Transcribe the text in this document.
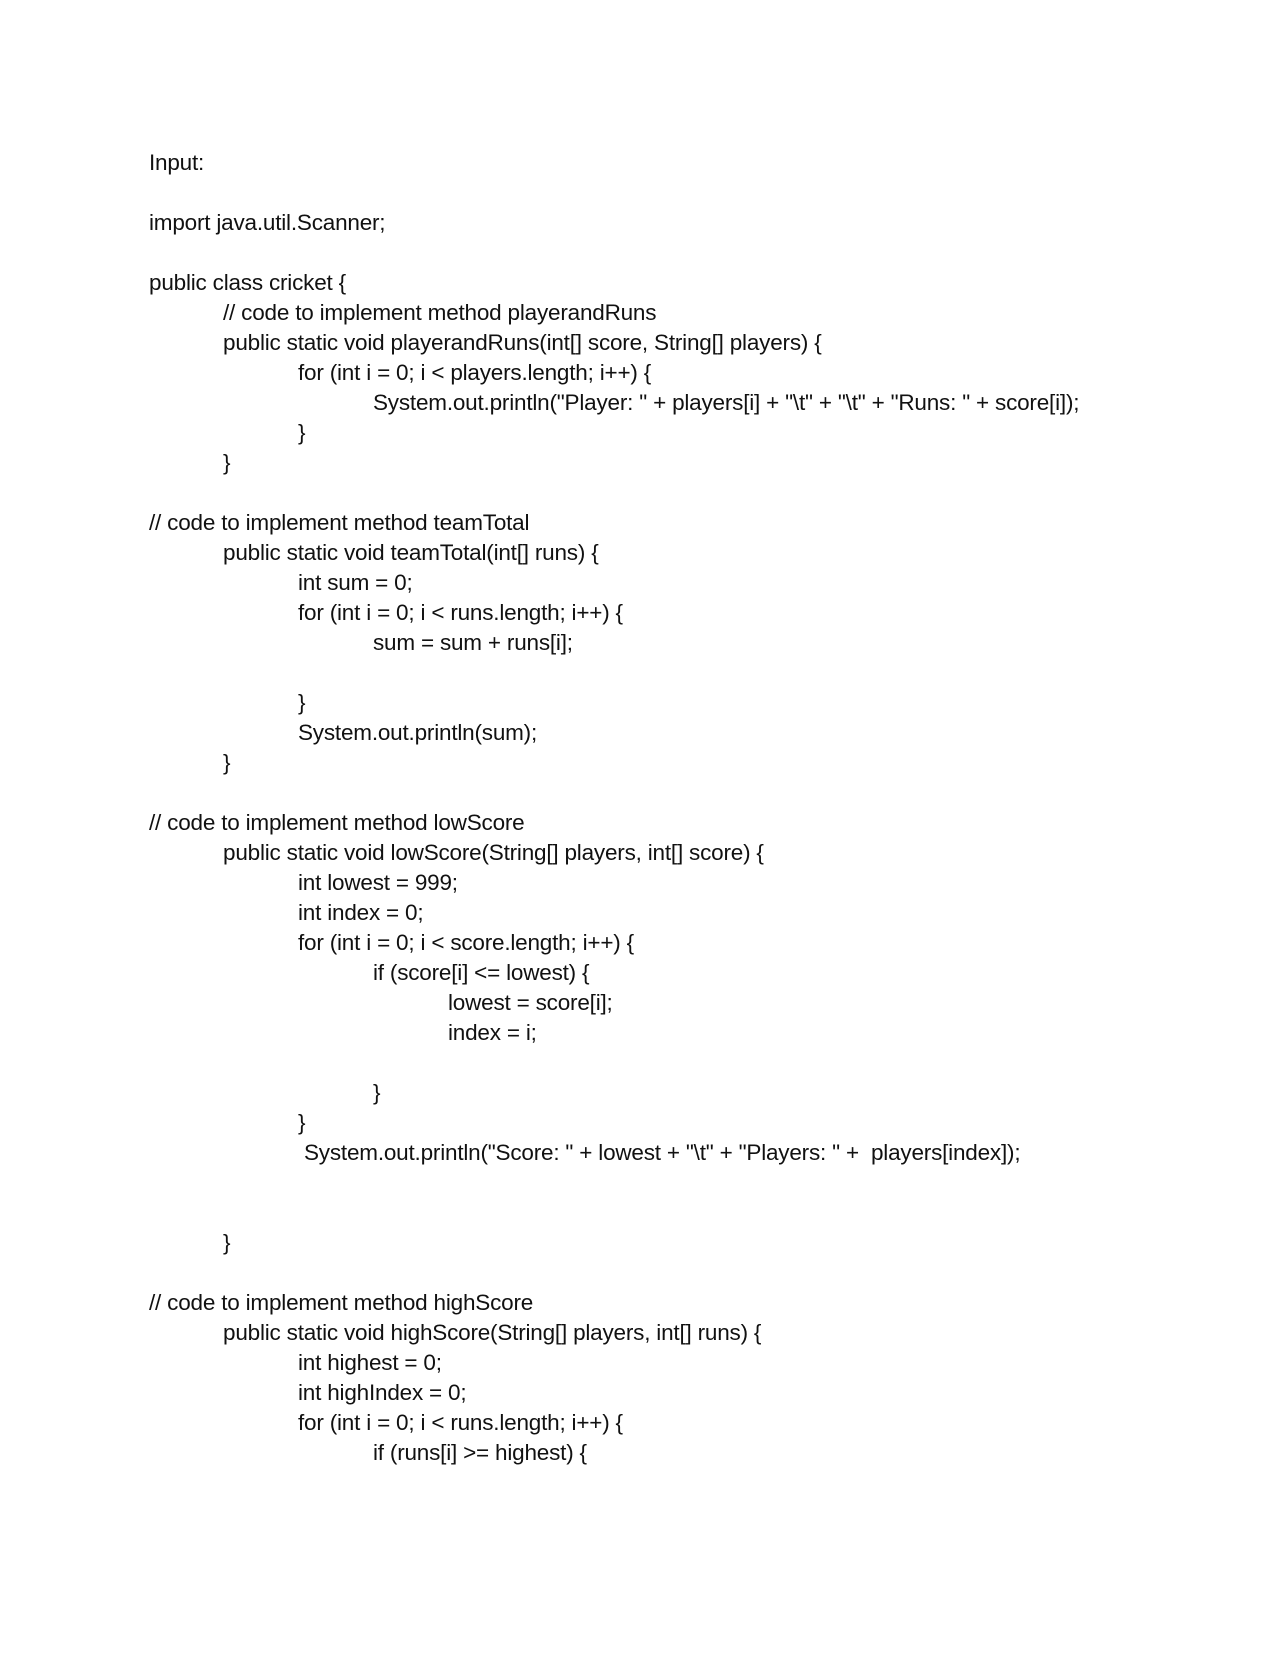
Input:

import java.util.Scanner;

public class cricket {
// code to implement method playerandRuns
public static void playerandRuns(int[] score, String[] players) {
for (int i = 0; i < players.length; i++) {
System.out.println("Player: " + players[i] + "\t" + "\t" + "Runs: " + score[i]);
}
}

// code to implement method teamTotal
public static void teamTotal(int[] runs) {
int sum = 0;
for (int i = 0; i < runs.length; i++) {
sum = sum + runs[i];

}
System.out.println(sum);
}

// code to implement method lowScore
public static void lowScore(String[] players, int[] score) {
int lowest = 999;
int index = 0;
for (int i = 0; i < score.length; i++) {
if (score[i] <= lowest) {
lowest = score[i];
index = i;

}
}
System.out.println("Score: " + lowest + "\t" + "Players: " +  players[index]);

}

// code to implement method highScore
public static void highScore(String[] players, int[] runs) {
int highest = 0;
int highIndex = 0;
for (int i = 0; i < runs.length; i++) {
if (runs[i] >= highest) {
